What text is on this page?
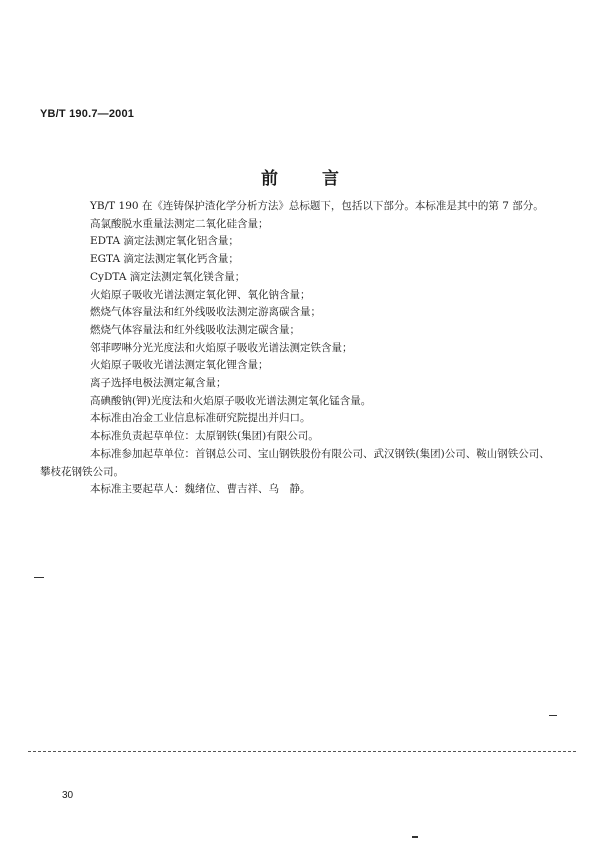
YB/T 190.7—2001
前言
YB/T 190 在《连铸保护渣化学分析方法》总标题下，包括以下部分。本标准是其中的第 7 部分。
高氯酸脱水重量法测定二氧化硅含量；
EDTA 滴定法测定氧化铝含量；
EGTA 滴定法测定氧化钙含量；
CyDTA 滴定法测定氧化镁含量；
火焰原子吸收光谱法测定氧化钾、氧化钠含量；
燃烧气体容量法和红外线吸收法测定游离碳含量；
燃烧气体容量法和红外线吸收法测定碳含量；
邻菲啰啉分光光度法和火焰原子吸收光谱法测定铁含量；
火焰原子吸收光谱法测定氧化锂含量；
离子选择电极法测定氟含量；
高碘酸钠(钾)光度法和火焰原子吸收光谱法测定氧化锰含量。
本标准由冶金工业信息标准研究院提出并归口。
本标准负责起草单位：太原钢铁(集团)有限公司。
本标准参加起草单位：首钢总公司、宝山钢铁股份有限公司、武汉钢铁(集团)公司、鞍山钢铁公司、攀枝花钢铁公司。
本标准主要起草人：魏绪位、曹吉祥、乌　静。
30
